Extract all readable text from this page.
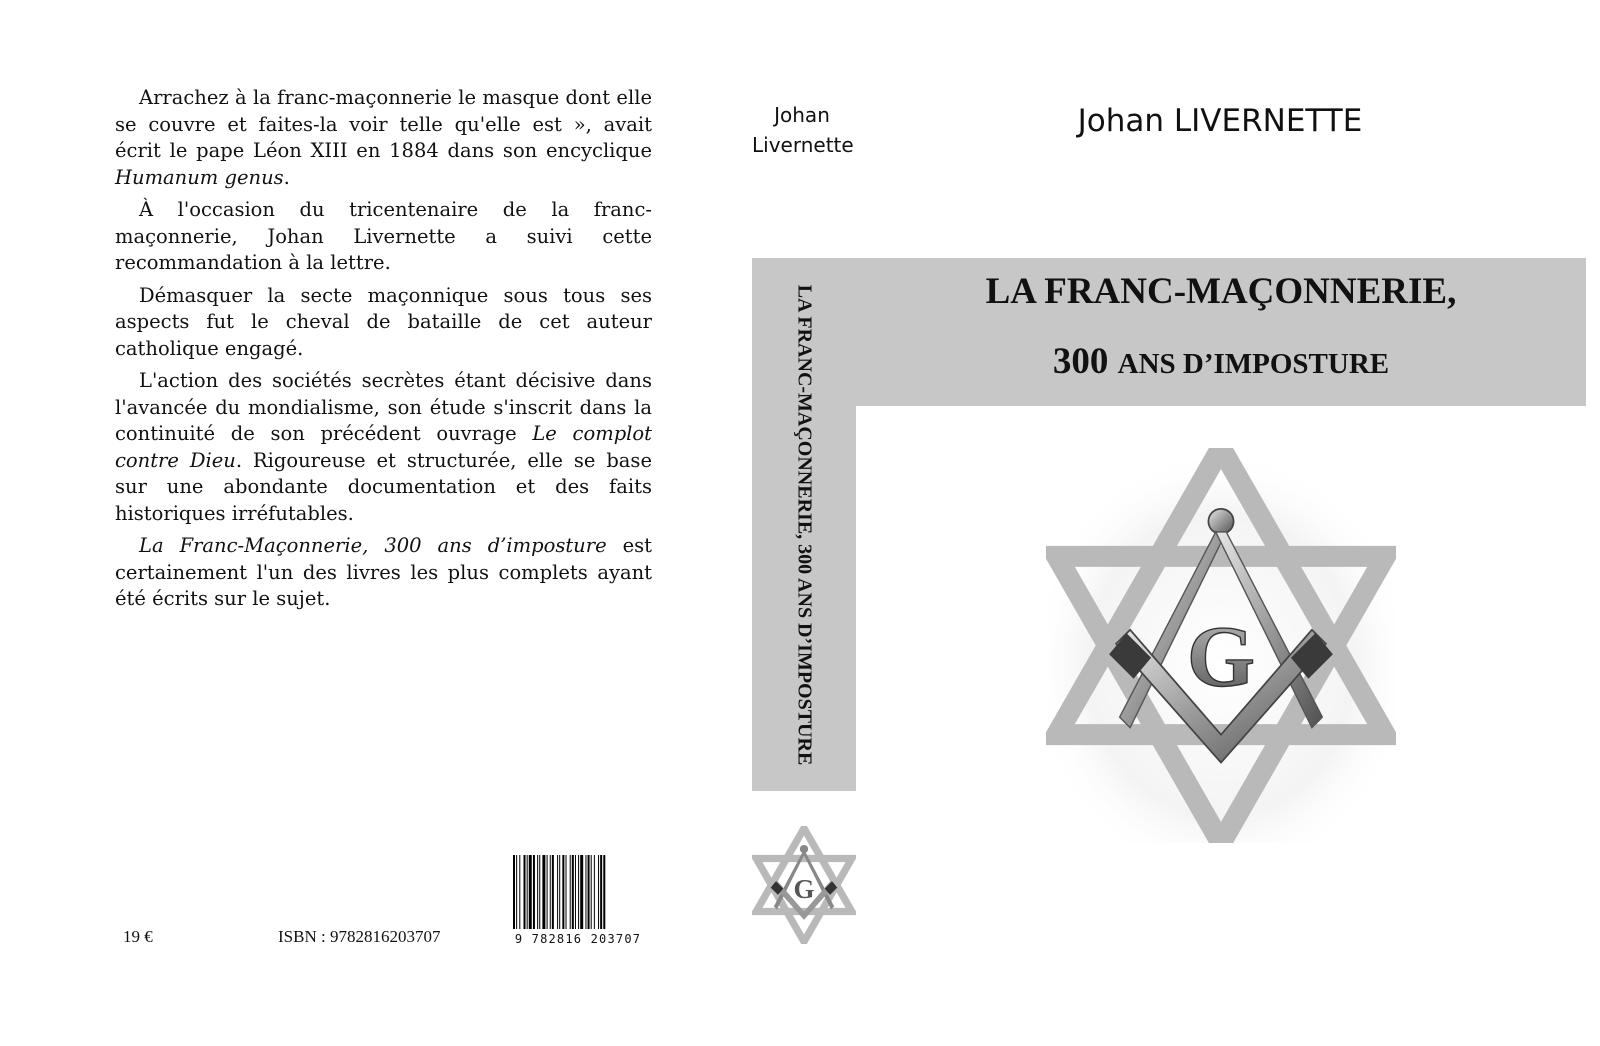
Arrachez à la franc-maçonnerie le masque dont elle se couvre et faites-la voir telle qu'elle est », avait écrit le pape Léon XIII en 1884 dans son encyclique Humanum genus.

À l'occasion du tricentenaire de la franc-maçonnerie, Johan Livernette a suivi cette recommandation à la lettre.

Démasquer la secte maçonnique sous tous ses aspects fut le cheval de bataille de cet auteur catholique engagé.

L'action des sociétés secrètes étant décisive dans l'avancée du mondialisme, son étude s'inscrit dans la continuité de son précédent ouvrage Le complot contre Dieu. Rigoureuse et structurée, elle se base sur une abondante documentation et des faits historiques irréfutables.

La Franc-Maçonnerie, 300 ans d’imposture est certainement l'un des livres les plus complets ayant été écrits sur le sujet.

19 €	ISBN : 9782816203707	9 782816 203707
Johan
Livernette
LA FRANC-MAÇONNERIE, 300 ANS D’IMPOSTURE
Johan LIVERNETTE
LA FRANC-MAÇONNERIE,
300 ANS D’IMPOSTURE
G
G
